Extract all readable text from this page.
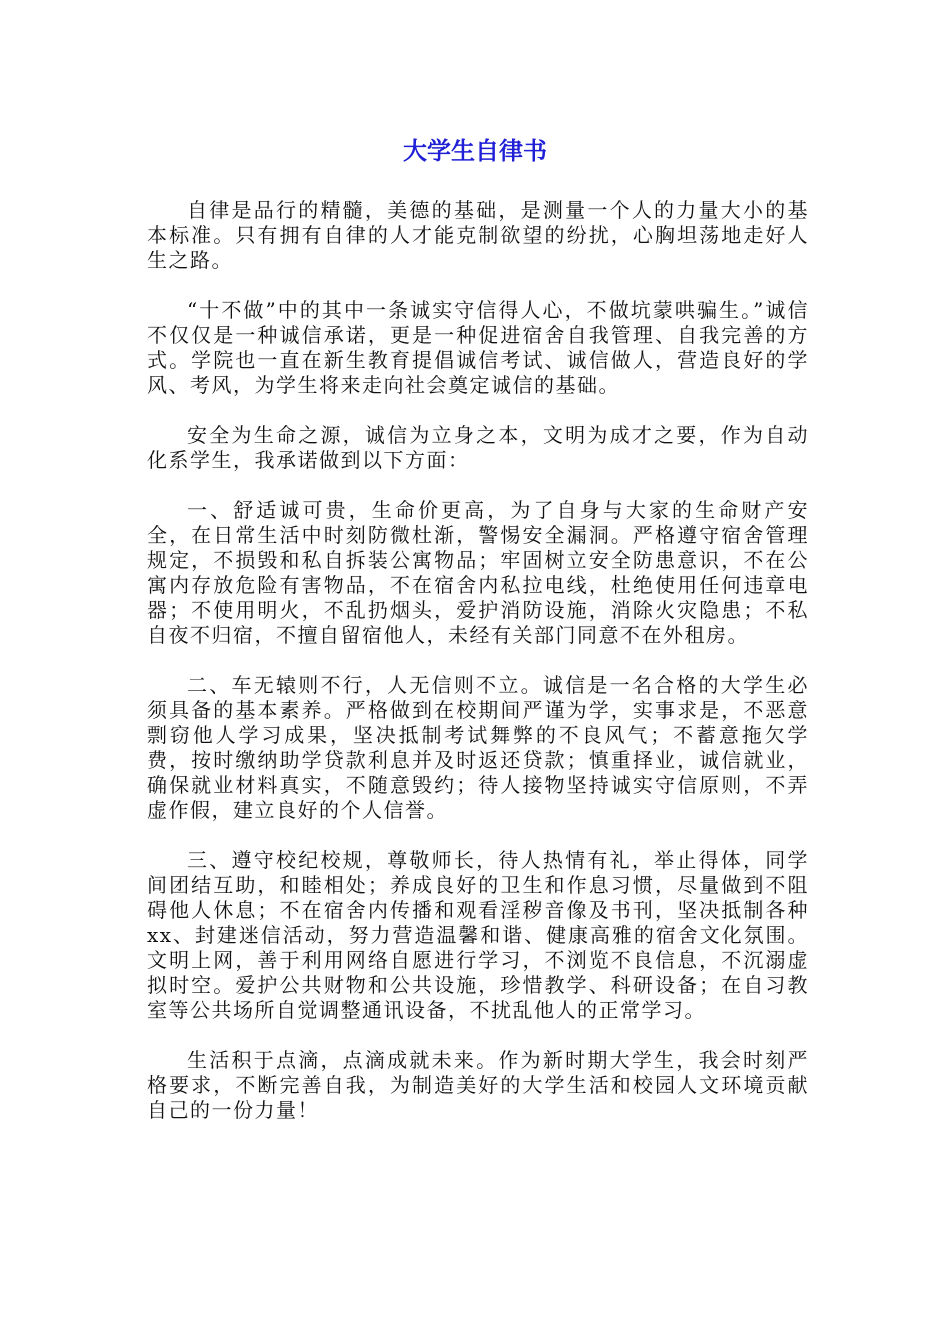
大学生自律书

自律是品行的精髓，美德的基础，是测量一个人的力量大小的基本标准。只有拥有自律的人才能克制欲望的纷扰，心胸坦荡地走好人生之路。

“十不做”中的其中一条诚实守信得人心，不做坑蒙哄骗生。”诚信不仅仅是一种诚信承诺，更是一种促进宿舍自我管理、自我完善的方式。学院也一直在新生教育提倡诚信考试、诚信做人，营造良好的学风、考风，为学生将来走向社会奠定诚信的基础。

安全为生命之源，诚信为立身之本，文明为成才之要，作为自动化系学生，我承诺做到以下方面：

一、舒适诚可贵，生命价更高，为了自身与大家的生命财产安全，在日常生活中时刻防微杜渐，警惕安全漏洞。严格遵守宿舍管理规定，不损毁和私自拆装公寓物品；牢固树立安全防患意识，不在公寓内存放危险有害物品，不在宿舍内私拉电线，杜绝使用任何违章电器；不使用明火，不乱扔烟头，爱护消防设施，消除火灾隐患；不私自夜不归宿，不擅自留宿他人，未经有关部门同意不在外租房。

二、车无辕则不行，人无信则不立。诚信是一名合格的大学生必须具备的基本素养。严格做到在校期间严谨为学，实事求是，不恶意剽窃他人学习成果，坚决抵制考试舞弊的不良风气；不蓄意拖欠学费，按时缴纳助学贷款利息并及时返还贷款；慎重择业，诚信就业，确保就业材料真实，不随意毁约；待人接物坚持诚实守信原则，不弄虚作假，建立良好的个人信誉。

三、遵守校纪校规，尊敬师长，待人热情有礼，举止得体，同学间团结互助，和睦相处；养成良好的卫生和作息习惯，尽量做到不阻碍他人休息；不在宿舍内传播和观看淫秽音像及书刊，坚决抵制各种 xx、封建迷信活动，努力营造温馨和谐、健康高雅的宿舍文化氛围。文明上网，善于利用网络自愿进行学习，不浏览不良信息，不沉溺虚拟时空。爱护公共财物和公共设施，珍惜教学、科研设备；在自习教室等公共场所自觉调整通讯设备，不扰乱他人的正常学习。

生活积于点滴，点滴成就未来。作为新时期大学生，我会时刻严格要求，不断完善自我，为制造美好的大学生活和校园人文环境贡献自己的一份力量！
